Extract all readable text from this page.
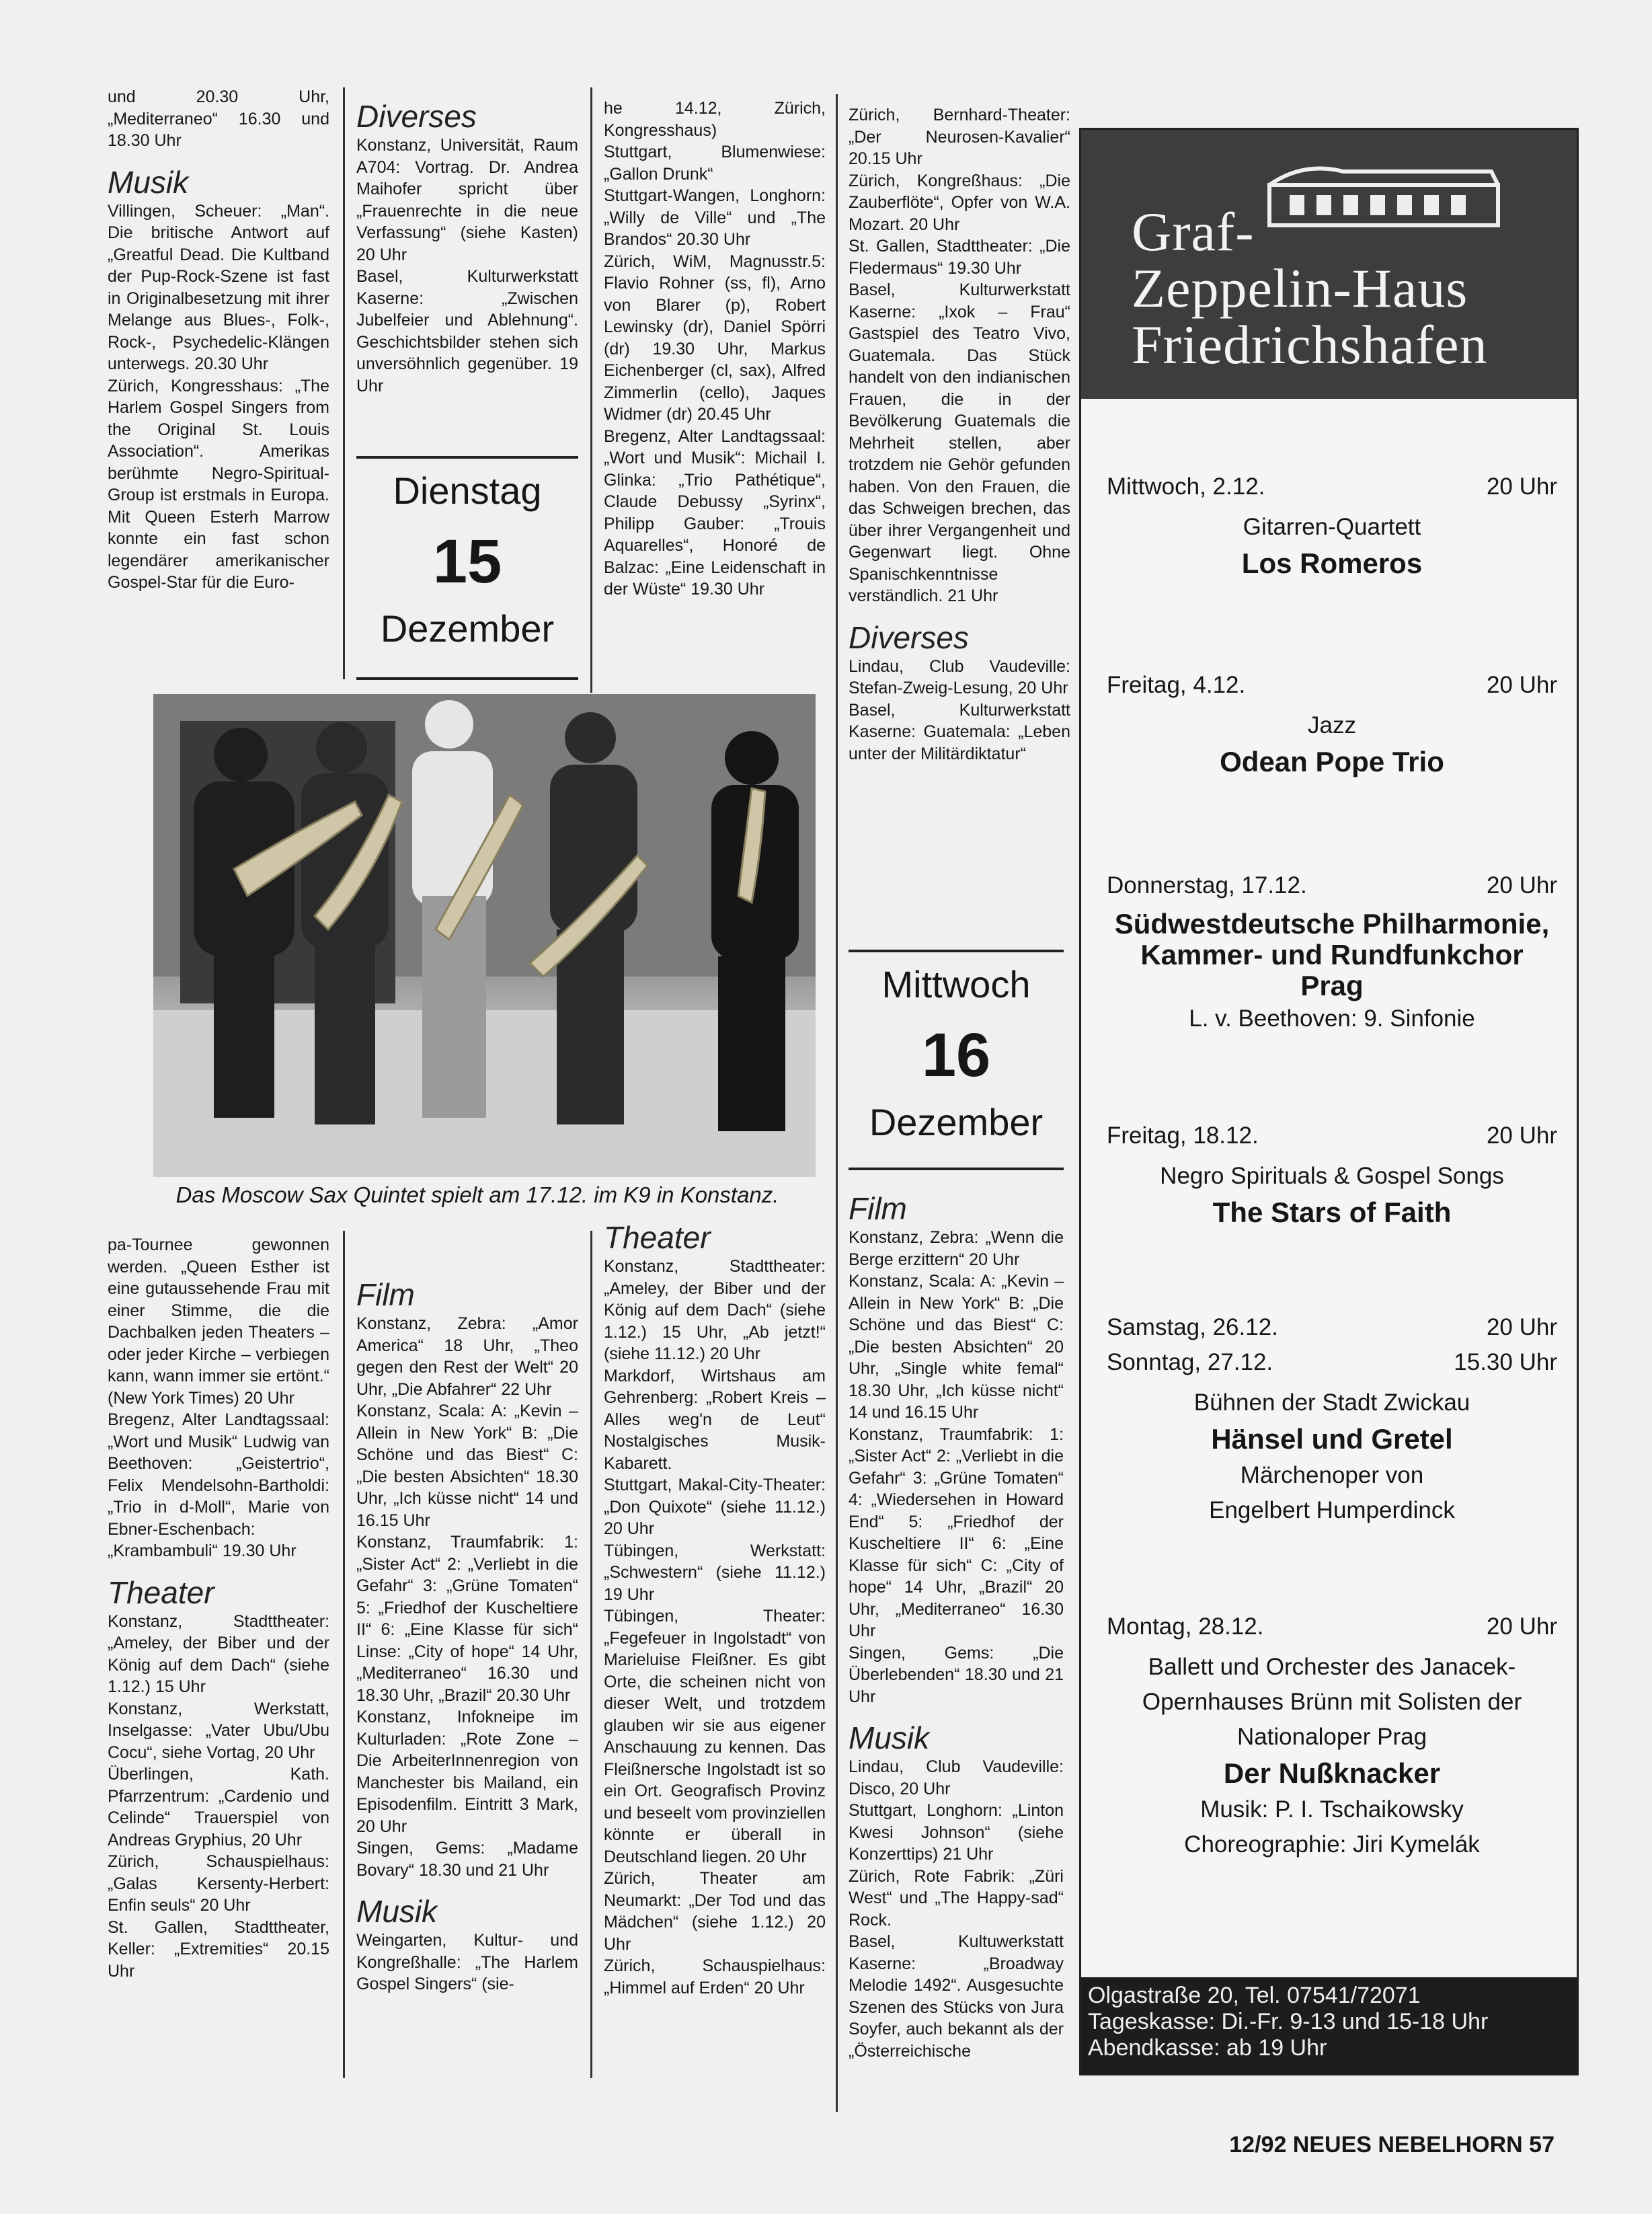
und 20.30 Uhr, „Mediterraneo“ 16.30 und 18.30 Uhr

Musik

Villingen, Scheuer: „Man“. Die britische Antwort auf „Greatful Dead. Die Kultband der Pup-Rock-Szene ist fast in Originalbesetzung mit ihrer Melange aus Blues-, Folk-, Rock-, Psychedelic-Klängen unterwegs. 20.30 Uhr

Zürich, Kongresshaus: „The Harlem Gospel Singers from the Original St. Louis Association“. Amerikas berühmte Negro-Spiritual-Group ist erstmals in Europa. Mit Queen Esterh Marrow konnte ein fast schon legendärer amerikanischer Gospel-Star für die Euro-

Diverses

Konstanz, Universität, Raum A704: Vortrag. Dr. Andrea Maihofer spricht über „Frauenrechte in die neue Verfassung“ (siehe Kasten) 20 Uhr

Basel, Kulturwerkstatt Kaserne: „Zwischen Jubelfeier und Ablehnung“. Geschichtsbilder stehen sich unversöhnlich gegenüber. 19 Uhr

he 14.12, Zürich, Kongresshaus)

Stuttgart, Blumenwiese: „Gallon Drunk“

Stuttgart-Wangen, Longhorn: „Willy de Ville“ und „The Brandos“ 20.30 Uhr

Zürich, WiM, Magnusstr.5: Flavio Rohner (ss, fl), Arno von Blarer (p), Robert Lewinsky (dr), Daniel Spörri (dr) 19.30 Uhr, Markus Eichenberger (cl, sax), Alfred Zimmerlin (cello), Jaques Widmer (dr) 20.45 Uhr

Bregenz, Alter Landtagssaal: „Wort und Musik“: Michail I. Glinka: „Trio Pathétique“, Claude Debussy „Syrinx“, Philipp Gauber: „Trouis Aquarelles“, Honoré de Balzac: „Eine Leidenschaft in der Wüste“ 19.30 Uhr

Zürich, Bernhard-Theater: „Der Neurosen-Kavalier“ 20.15 Uhr

Zürich, Kongreßhaus: „Die Zauberflöte“, Opfer von W.A. Mozart. 20 Uhr

St. Gallen, Stadttheater: „Die Fledermaus“ 19.30 Uhr

Basel, Kulturwerkstatt Kaserne: „Ixok – Frau“ Gastspiel des Teatro Vivo, Guatemala. Das Stück handelt von den indianischen Frauen, die in der Bevölkerung Guatemals die Mehrheit stellen, aber trotzdem nie Gehör gefunden haben. Von den Frauen, die das Schweigen brechen, das über ihrer Vergangenheit und Gegenwart liegt. Ohne Spanischkenntnisse verständlich. 21 Uhr

Diverses

Lindau, Club Vaudeville: Stefan-Zweig-Lesung, 20 Uhr

Basel, Kulturwerkstatt Kaserne: Guatemala: „Leben unter der Militärdiktatur“

Dienstag
15
Dezember
Mittwoch
16
Dezember
Das Moscow Sax Quintet spielt am 17.12. im K9 in Konstanz.

pa-Tournee gewonnen werden. „Queen Esther ist eine gutaussehende Frau mit einer Stimme, die die Dachbalken jeden Theaters – oder jeder Kirche – verbiegen kann, wann immer sie ertönt.“ (New York Times) 20 Uhr

Bregenz, Alter Landtagssaal: „Wort und Musik“ Ludwig van Beethoven: „Geistertrio“, Felix Mendelsohn-Bartholdi: „Trio in d-Moll“, Marie von Ebner-Eschenbach: „Krambambuli“ 19.30 Uhr

Theater

Konstanz, Stadttheater: „Ameley, der Biber und der König auf dem Dach“ (siehe 1.12.) 15 Uhr

Konstanz, Werkstatt, Inselgasse: „Vater Ubu/Ubu Cocu“, siehe Vortag, 20 Uhr

Überlingen, Kath. Pfarrzentrum: „Cardenio und Celinde“ Trauerspiel von Andreas Gryphius, 20 Uhr

Zürich, Schauspielhaus: „Galas Kersenty-Herbert: Enfin seuls“ 20 Uhr

St. Gallen, Stadttheater, Keller: „Extremities“ 20.15 Uhr

Film

Konstanz, Zebra: „Amor America“ 18 Uhr, „Theo gegen den Rest der Welt“ 20 Uhr, „Die Abfahrer“ 22 Uhr

Konstanz, Scala: A: „Kevin – Allein in New York“ B: „Die Schöne und das Biest“ C: „Die besten Absichten“ 18.30 Uhr, „Ich küsse nicht“ 14 und 16.15 Uhr

Konstanz, Traumfabrik: 1: „Sister Act“ 2: „Verliebt in die Gefahr“ 3: „Grüne Tomaten“ 5: „Friedhof der Kuscheltiere II“ 6: „Eine Klasse für sich“ Linse: „City of hope“ 14 Uhr, „Mediterraneo“ 16.30 und 18.30 Uhr, „Brazil“ 20.30 Uhr

Konstanz, Infokneipe im Kulturladen: „Rote Zone – Die ArbeiterInnenregion von Manchester bis Mailand, ein Episodenfilm. Eintritt 3 Mark, 20 Uhr

Singen, Gems: „Madame Bovary“ 18.30 und 21 Uhr

Musik

Weingarten, Kultur- und Kongreßhalle: „The Harlem Gospel Singers“ (sie-

Theater

Konstanz, Stadttheater: „Ameley, der Biber und der König auf dem Dach“ (siehe 1.12.) 15 Uhr, „Ab jetzt!“ (siehe 11.12.) 20 Uhr

Markdorf, Wirtshaus am Gehrenberg: „Robert Kreis – Alles weg'n de Leut“ Nostalgisches Musik-Kabarett.

Stuttgart, Makal-City-Theater: „Don Quixote“ (siehe 11.12.) 20 Uhr

Tübingen, Werkstatt: „Schwestern“ (siehe 11.12.) 19 Uhr

Tübingen, Theater: „Fegefeuer in Ingolstadt“ von Marieluise Fleißner. Es gibt Orte, die scheinen nicht von dieser Welt, und trotzdem glauben wir sie aus eigener Anschauung zu kennen. Das Fleißnersche Ingolstadt ist so ein Ort. Geografisch Provinz und beseelt vom provinziellen könnte er überall in Deutschland liegen. 20 Uhr

Zürich, Theater am Neumarkt: „Der Tod und das Mädchen“ (siehe 1.12.) 20 Uhr

Zürich, Schauspielhaus: „Himmel auf Erden“ 20 Uhr

Film

Konstanz, Zebra: „Wenn die Berge erzittern“ 20 Uhr

Konstanz, Scala: A: „Kevin – Allein in New York“ B: „Die Schöne und das Biest“ C: „Die besten Absichten“ 20 Uhr, „Single white femal“ 18.30 Uhr, „Ich küsse nicht“ 14 und 16.15 Uhr

Konstanz, Traumfabrik: 1: „Sister Act“ 2: „Verliebt in die Gefahr“ 3: „Grüne Tomaten“ 4: „Wiedersehen in Howard End“ 5: „Friedhof der Kuscheltiere II“ 6: „Eine Klasse für sich“ C: „City of hope“ 14 Uhr, „Brazil“ 20 Uhr, „Mediterraneo“ 16.30 Uhr

Singen, Gems: „Die Überlebenden“ 18.30 und 21 Uhr

Musik

Lindau, Club Vaudeville: Disco, 20 Uhr

Stuttgart, Longhorn: „Linton Kwesi Johnson“ (siehe Konzerttips) 21 Uhr

Zürich, Rote Fabrik: „Züri West“ und „The Happy-sad“ Rock.

Basel, Kultuwerkstatt Kaserne: „Broadway Melodie 1492“. Ausgesuchte Szenen des Stücks von Jura Soyfer, auch bekannt als der „Österreichische

Graf-
Zeppelin-Haus
Friedrichshafen
Mittwoch, 2.12.	20 Uhr
Gitarren-Quartett
Los Romeros
Freitag, 4.12.	20 Uhr
Jazz
Odean Pope Trio
Donnerstag, 17.12.	20 Uhr
Südwestdeutsche Philharmonie, Kammer- und Rundfunkchor Prag
L. v. Beethoven: 9. Sinfonie
Freitag, 18.12.	20 Uhr
Negro Spirituals & Gospel Songs
The Stars of Faith
Samstag, 26.12.	20 Uhr
Sonntag, 27.12.	15.30 Uhr
Bühnen der Stadt Zwickau
Hänsel und Gretel
Märchenoper von
Engelbert Humperdinck
Montag, 28.12.	20 Uhr
Ballett und Orchester des Janacek-
Opernhauses Brünn mit Solisten der
Nationaloper Prag
Der Nußknacker
Musik: P. I. Tschaikowsky
Choreographie: Jiri Kymelák
Olgastraße 20, Tel. 07541/72071
Tageskasse: Di.-Fr. 9-13 und 15-18 Uhr
Abendkasse: ab 19 Uhr
12/92 NEUES NEBELHORN 57
